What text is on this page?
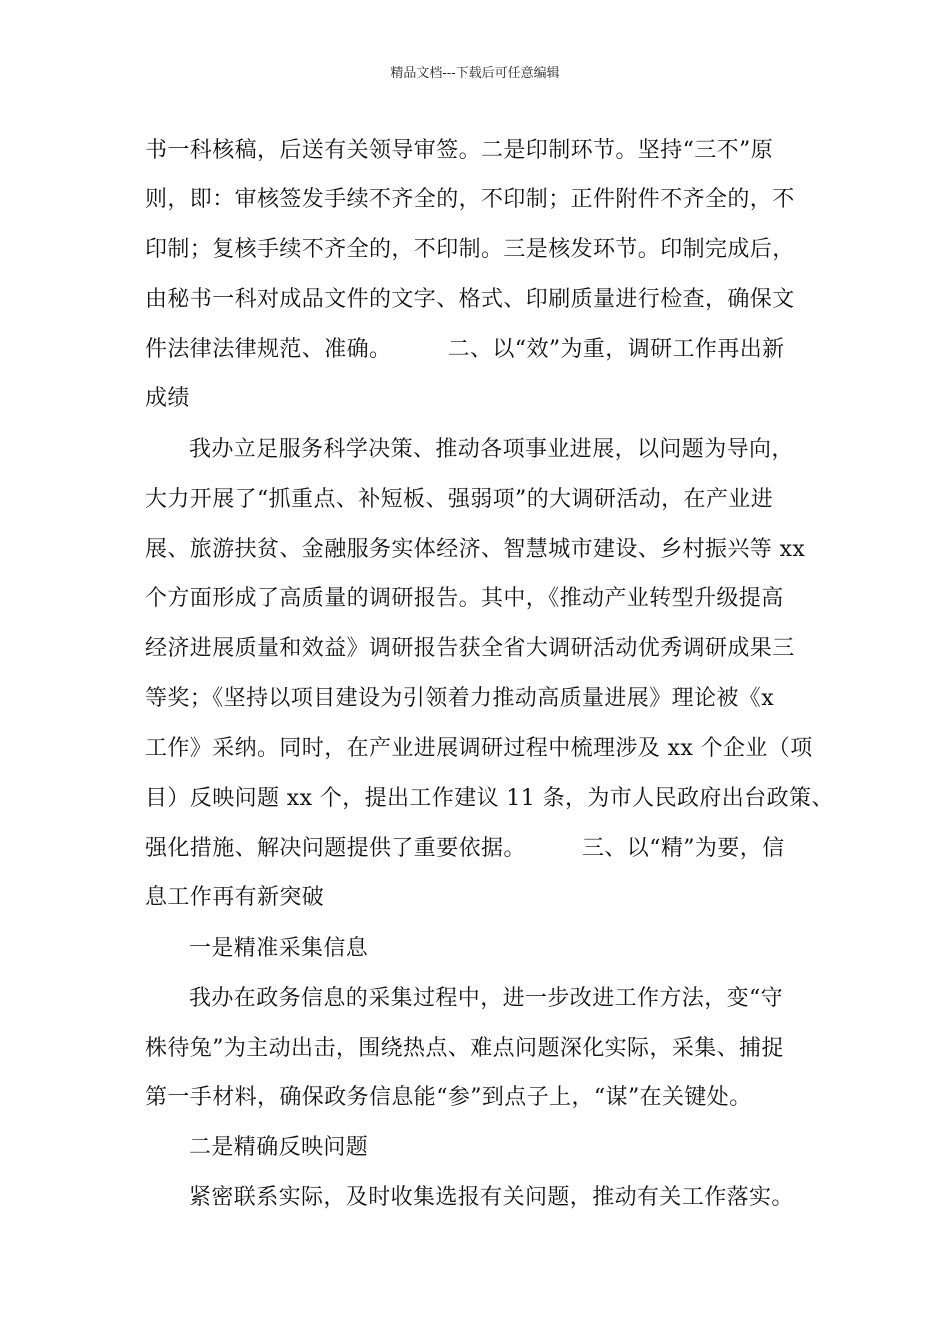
精品文档---下载后可任意编辑
书一科核稿，后送有关领导审签。二是印制环节。坚持“三不”原
则，即：审核签发手续不齐全的，不印制；正件附件不齐全的，不
印制；复核手续不齐全的，不印制。三是核发环节。印制完成后，
由秘书一科对成品文件的文字、格式、印刷质量进行检查，确保文
件法律法律规范、准确。　　　二、以“效”为重，调研工作再出新
成绩
我办立足服务科学决策、推动各项事业进展，以问题为导向，
大力开展了“抓重点、补短板、强弱项”的大调研活动，在产业进
展、旅游扶贫、金融服务实体经济、智慧城市建设、乡村振兴等 xx
个方面形成了高质量的调研报告。其中，《推动产业转型升级提高
经济进展质量和效益》调研报告获全省大调研活动优秀调研成果三
等奖；《坚持以项目建设为引领着力推动高质量进展》理论被《x
工作》采纳。同时，在产业进展调研过程中梳理涉及 xx 个企业（项
目）反映问题 xx 个，提出工作建议 11 条，为市人民政府出台政策、
强化措施、解决问题提供了重要依据。　　　三、以“精”为要，信
息工作再有新突破
一是精准采集信息
我办在政务信息的采集过程中，进一步改进工作方法，变“守
株待兔”为主动出击，围绕热点、难点问题深化实际，采集、捕捉
第一手材料，确保政务信息能“参”到点子上，“谋”在关键处。
二是精确反映问题
紧密联系实际，及时收集选报有关问题，推动有关工作落实。
